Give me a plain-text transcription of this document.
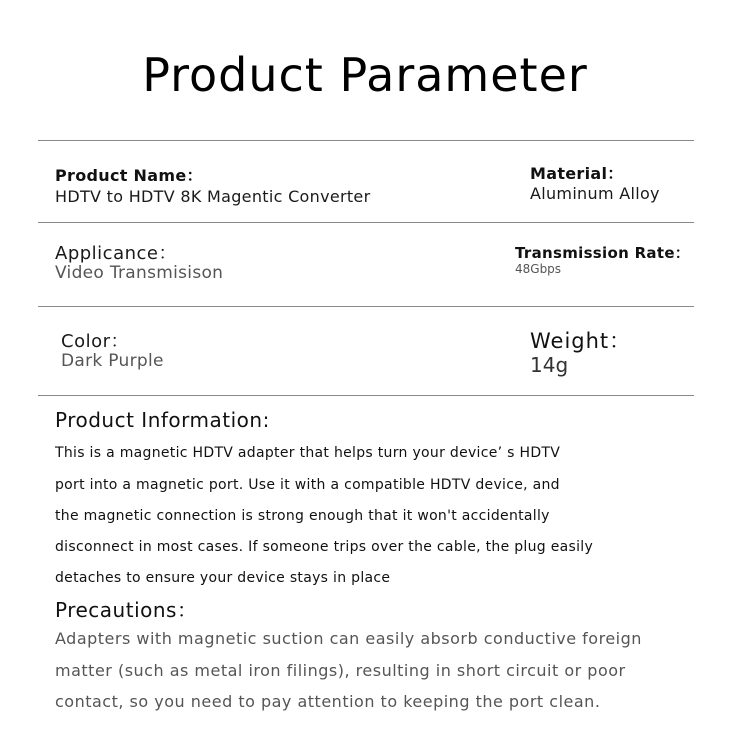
Product Parameter
Product Name：
HDTV to HDTV 8K Magentic Converter
Material：
Aluminum Alloy
Applicance：
Video Transmisison
Transmission Rate：
48Gbps
Color：
Dark Purple
Weight：
14g
Product Information:
This is a magnetic HDTV adapter that helps turn your device’ s HDTV
port into a magnetic port. Use it with a compatible HDTV device, and
the magnetic connection is strong enough that it won't accidentally
disconnect in most cases. If someone trips over the cable, the plug easily
detaches to ensure your device stays in place
Precautions：
Adapters with magnetic suction can easily absorb conductive foreign
matter (such as metal iron filings), resulting in short circuit or poor
contact, so you need to pay attention to keeping the port clean.
